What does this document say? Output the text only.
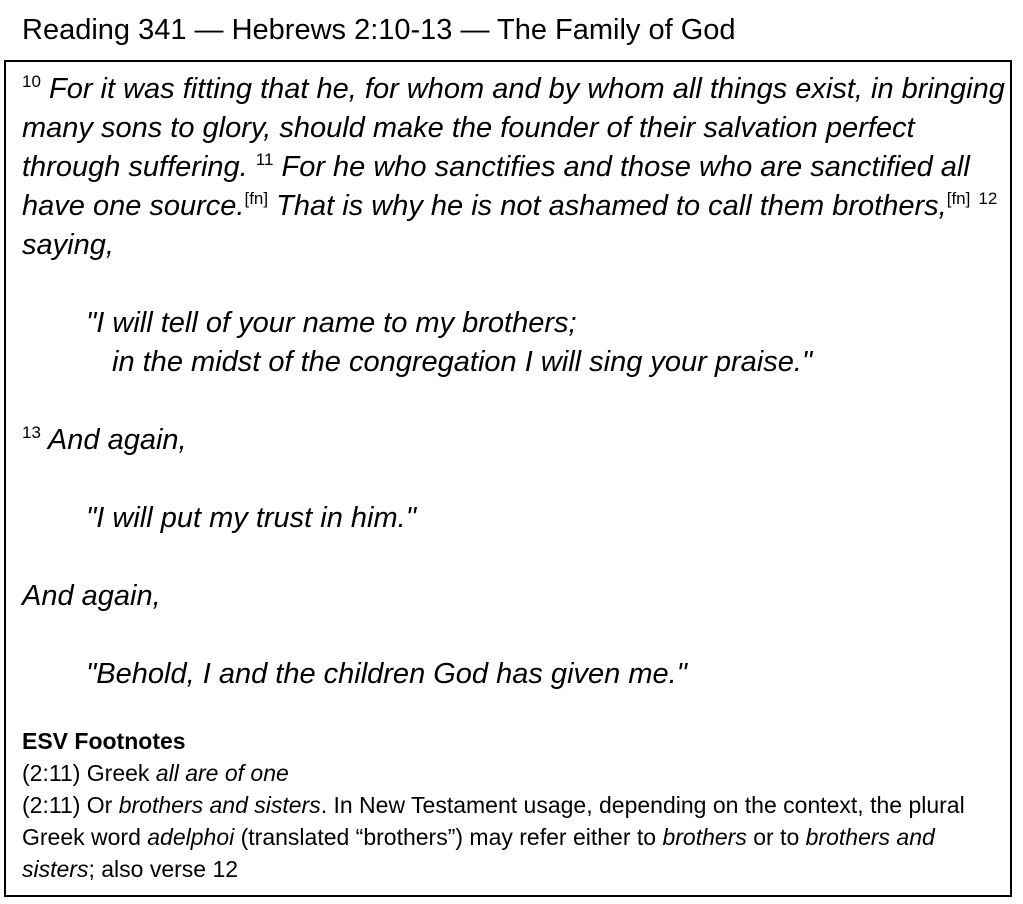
Reading 341 — Hebrews 2:10-13 — The Family of God

$^{10}$ For it was fitting that he, for whom and by whom all things exist, in bringing many sons to glory, should make the founder of their salvation perfect through suffering. $^{11}$ For he who sanctifies and those who are sanctified all have one source.[fn] That is why he is not ashamed to call them brothers,[fn] $^{12}$ saying,

"I will tell of your name to my brothers;

in the midst of the congregation I will sing your praise."

$^{13}$ And again,

"I will put my trust in him."

And again,

"Behold, I and the children God has given me."

ESV Footnotes

(2:11) Greek all are of one

(2:11) Or brothers and sisters. In New Testament usage, depending on the context, the plural Greek word adelphoi (translated “brothers”) may refer either to brothers or to brothers and sisters; also verse 12
